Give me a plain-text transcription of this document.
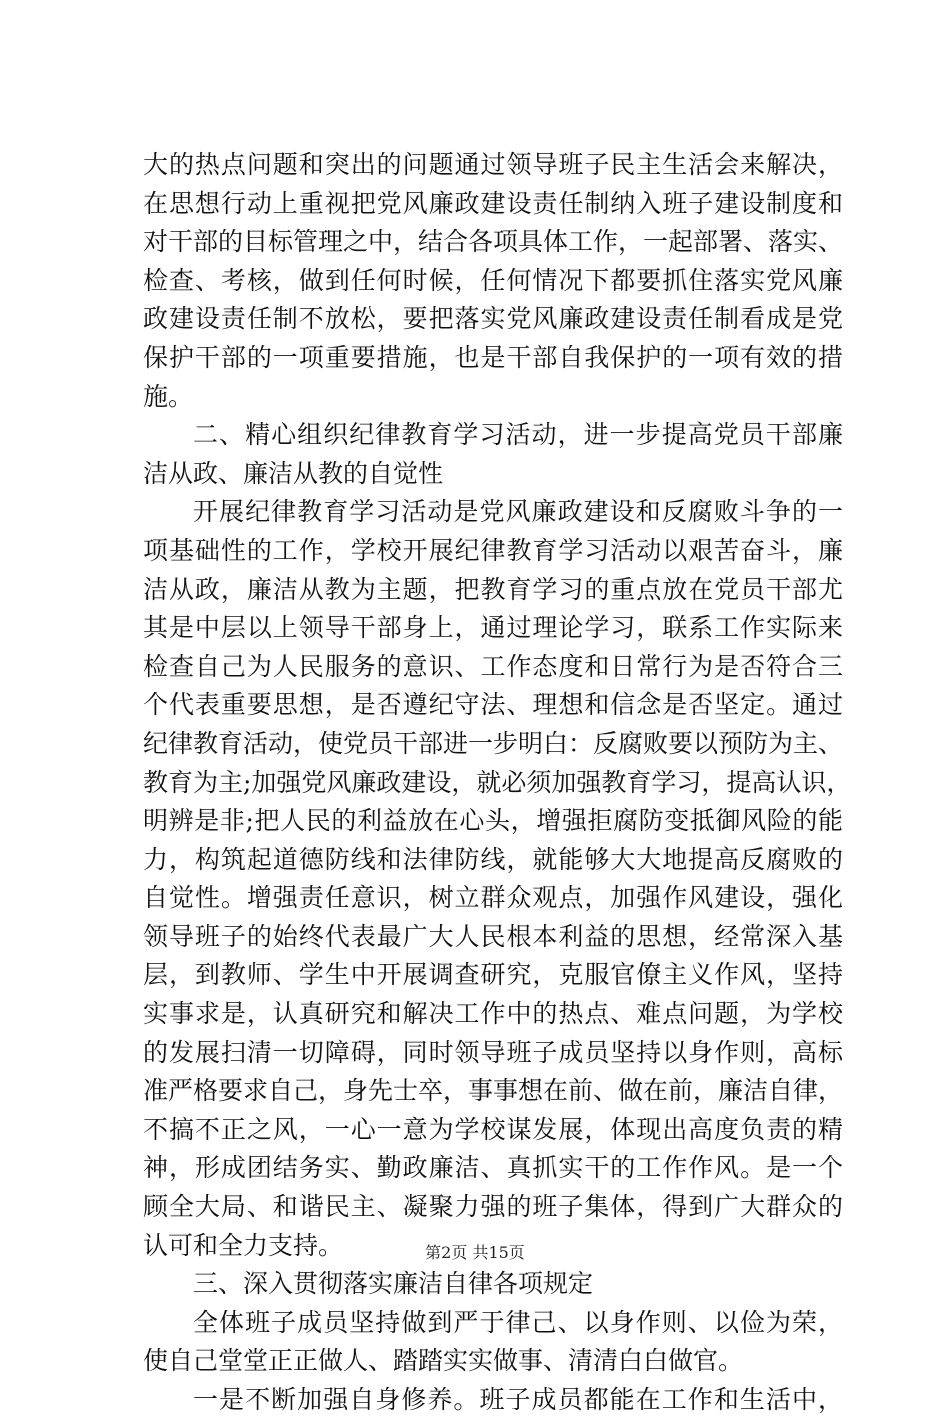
大的热点问题和突出的问题通过领导班子民主生活会来解决，
在思想行动上重视把党风廉政建设责任制纳入班子建设制度和
对干部的目标管理之中，结合各项具体工作，一起部署、落实、
检查、考核，做到任何时候，任何情况下都要抓住落实党风廉
政建设责任制不放松，要把落实党风廉政建设责任制看成是党
保护干部的一项重要措施，也是干部自我保护的一项有效的措
施。
二、精心组织纪律教育学习活动，进一步提高党员干部廉
洁从政、廉洁从教的自觉性
开展纪律教育学习活动是党风廉政建设和反腐败斗争的一
项基础性的工作，学校开展纪律教育学习活动以艰苦奋斗，廉
洁从政，廉洁从教为主题，把教育学习的重点放在党员干部尤
其是中层以上领导干部身上，通过理论学习，联系工作实际来
检查自己为人民服务的意识、工作态度和日常行为是否符合三
个代表重要思想，是否遵纪守法、理想和信念是否坚定。通过
纪律教育活动，使党员干部进一步明白：反腐败要以预防为主、
教育为主;加强党风廉政建设，就必须加强教育学习，提高认识，
明辨是非;把人民的利益放在心头，增强拒腐防变抵御风险的能
力，构筑起道德防线和法律防线，就能够大大地提高反腐败的
自觉性。增强责任意识，树立群众观点，加强作风建设，强化
领导班子的始终代表最广大人民根本利益的思想，经常深入基
层，到教师、学生中开展调查研究，克服官僚主义作风，坚持
实事求是，认真研究和解决工作中的热点、难点问题，为学校
的发展扫清一切障碍，同时领导班子成员坚持以身作则，高标
准严格要求自己，身先士卒，事事想在前、做在前，廉洁自律，
不搞不正之风，一心一意为学校谋发展，体现出高度负责的精
神，形成团结务实、勤政廉洁、真抓实干的工作作风。是一个
顾全大局、和谐民主、凝聚力强的班子集体，得到广大群众的
认可和全力支持。
三、深入贯彻落实廉洁自律各项规定
全体班子成员坚持做到严于律己、以身作则、以俭为荣，
使自己堂堂正正做人、踏踏实实做事、清清白白做官。
一是不断加强自身修养。班子成员都能在工作和生活中，
第2页 共15页
